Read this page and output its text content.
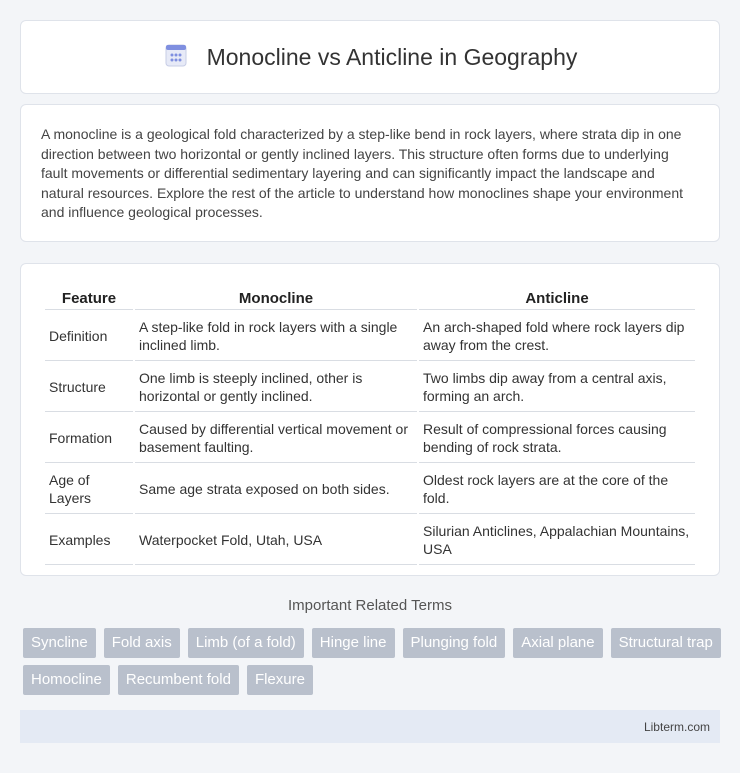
Monocline vs Anticline in Geography

A monocline is a geological fold characterized by a step-like bend in rock layers, where strata dip in one direction between two horizontal or gently inclined layers. This structure often forms due to underlying fault movements or differential sedimentary layering and can significantly impact the landscape and natural resources. Explore the rest of the article to understand how monoclines shape your environment and influence geological processes.

Feature	Monocline	Anticline
Definition	A step-like fold in rock layers with a single inclined limb.	An arch-shaped fold where rock layers dip away from the crest.
Structure	One limb is steeply inclined, other is horizontal or gently inclined.	Two limbs dip away from a central axis, forming an arch.
Formation	Caused by differential vertical movement or basement faulting.	Result of compressional forces causing bending of rock strata.
Age of Layers	Same age strata exposed on both sides.	Oldest rock layers are at the core of the fold.
Examples	Waterpocket Fold, Utah, USA	Silurian Anticlines, Appalachian Mountains, USA
Important Related Terms
Syncline	Fold axis	Limb (of a fold)	Hinge line	Plunging fold	Axial plane	Structural trap
Homocline	Recumbent fold	Flexure
Libterm.com
